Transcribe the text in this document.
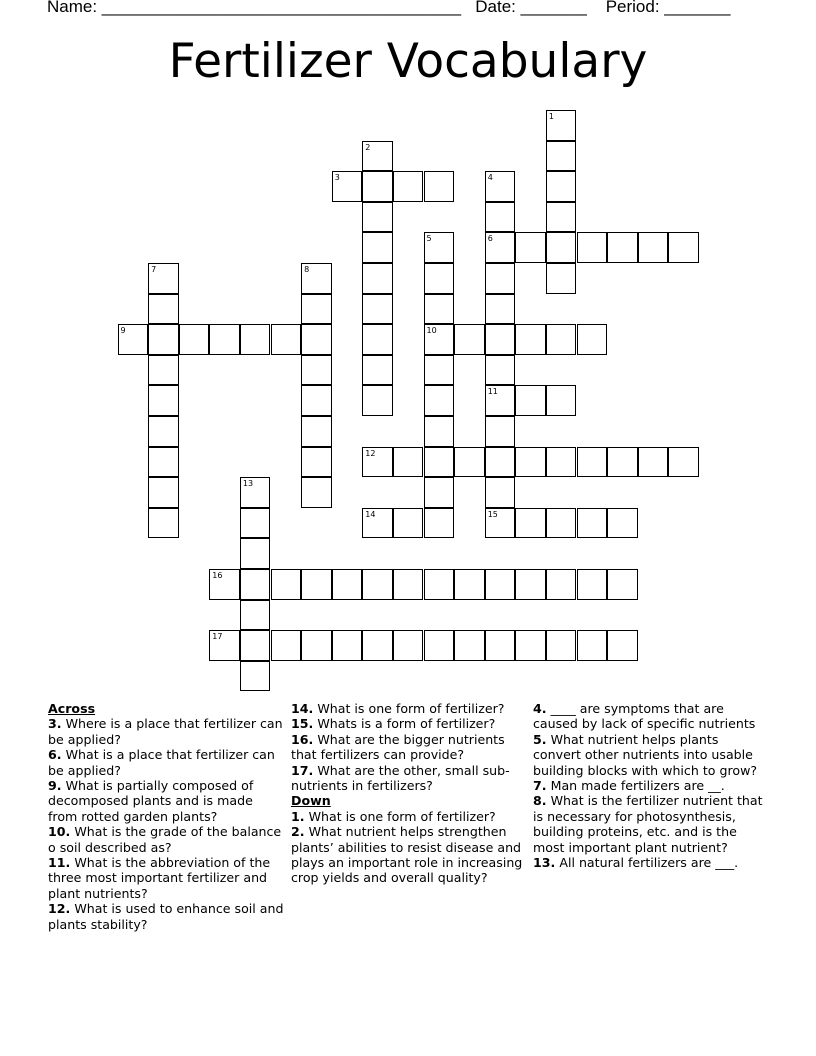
Name: ______________________________________ Date: _______ Period: _______
Fertilizer Vocabulary
1
2
3	4
6
11
15
5
10
7	8
9
12
13
14
16
17

Across

3. Where is a place that fertilizer can be applied?

6. What is a place that fertilizer can be applied?

9. What is partially composed of decomposed plants and is made from rotted garden plants?

10. What is the grade of the balance o soil described as?

11. What is the abbreviation of the three most important fertilizer and plant nutrients?

12. What is used to enhance soil and plants stability?

14. What is one form of fertilizer?

15. Whats is a form of fertilizer?

16. What are the bigger nutrients that fertilizers can provide?

17. What are the other, small sub-nutrients in fertilizers?

Down

1. What is one form of fertilizer?

2. What nutrient helps strengthen plants’ abilities to resist disease and plays an important role in increasing crop yields and overall quality?

4. ____ are symptoms that are caused by lack of specific nutrients

5. What nutrient helps plants convert other nutrients into usable building blocks with which to grow?

7. Man made fertilizers are __.

8. What is the fertilizer nutrient that is necessary for photosynthesis, building proteins, etc. and is the most important plant nutrient?

13. All natural fertilizers are ___.
